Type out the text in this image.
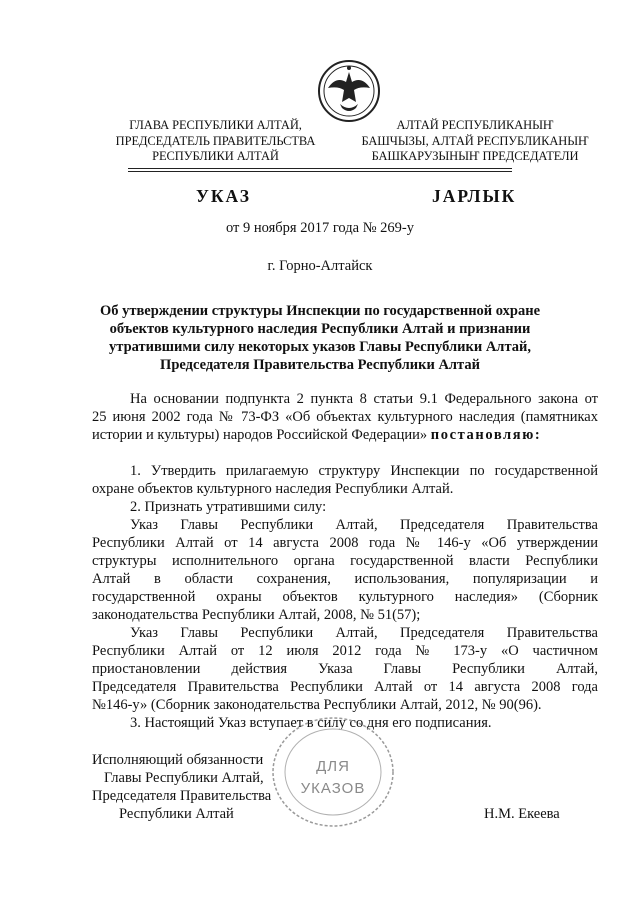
ГЛАВА РЕСПУБЛИКИ АЛТАЙ,
ПРЕДСЕДАТЕЛЬ ПРАВИТЕЛЬСТВА
РЕСПУБЛИКИ АЛТАЙ
АЛТАЙ РЕСПУБЛИКАНЫҤ
БАШЧЫЗЫ, АЛТАЙ РЕСПУБЛИКАНЫҤ
БАШКАРУЗЫНЫҤ ПРЕДСЕДАТЕЛИ
УКАЗ	ЈАРЛЫК
от 9 ноября 2017 года № 269-у
г. Горно-Алтайск
Об утверждении структуры Инспекции по государственной охране
объектов культурного наследия Республики Алтай и признании
утратившими силу некоторых указов Главы Республики Алтай,
Председателя Правительства Республики Алтай

На основании подпункта 2 пункта 8 статьи 9.1 Федерального закона от

25 июня 2002 года № 73-ФЗ «Об объектах культурного наследия (памятниках

истории и культуры) народов Российской Федерации» постановляю:

1. Утвердить прилагаемую структуру Инспекции по государственной

охране объектов культурного наследия Республики Алтай.

2. Признать утратившими силу:

Указ Главы Республики Алтай, Председателя Правительства

Республики Алтай от 14 августа 2008 года № 146-у «Об утверждении

структуры исполнительного органа государственной власти Республики

Алтай в области сохранения, использования, популяризации и

государственной охраны объектов культурного наследия» (Сборник

законодательства Республики Алтай, 2008, № 51(57);

Указ Главы Республики Алтай, Председателя Правительства

Республики Алтай от 12 июля 2012 года № 173-у «О частичном

приостановлении действия Указа Главы Республики Алтай,

Председателя Правительства Республики Алтай от 14 августа 2008 года

№146-у» (Сборник законодательства Республики Алтай, 2012, № 90(96).

3. Настоящий Указ вступает в силу со дня его подписания.

ДЛЯ
УКАЗОВ
Исполняющий обязанности
Главы Республики Алтай,
Председателя Правительства
Республики Алтай	Н.М. Екеева
